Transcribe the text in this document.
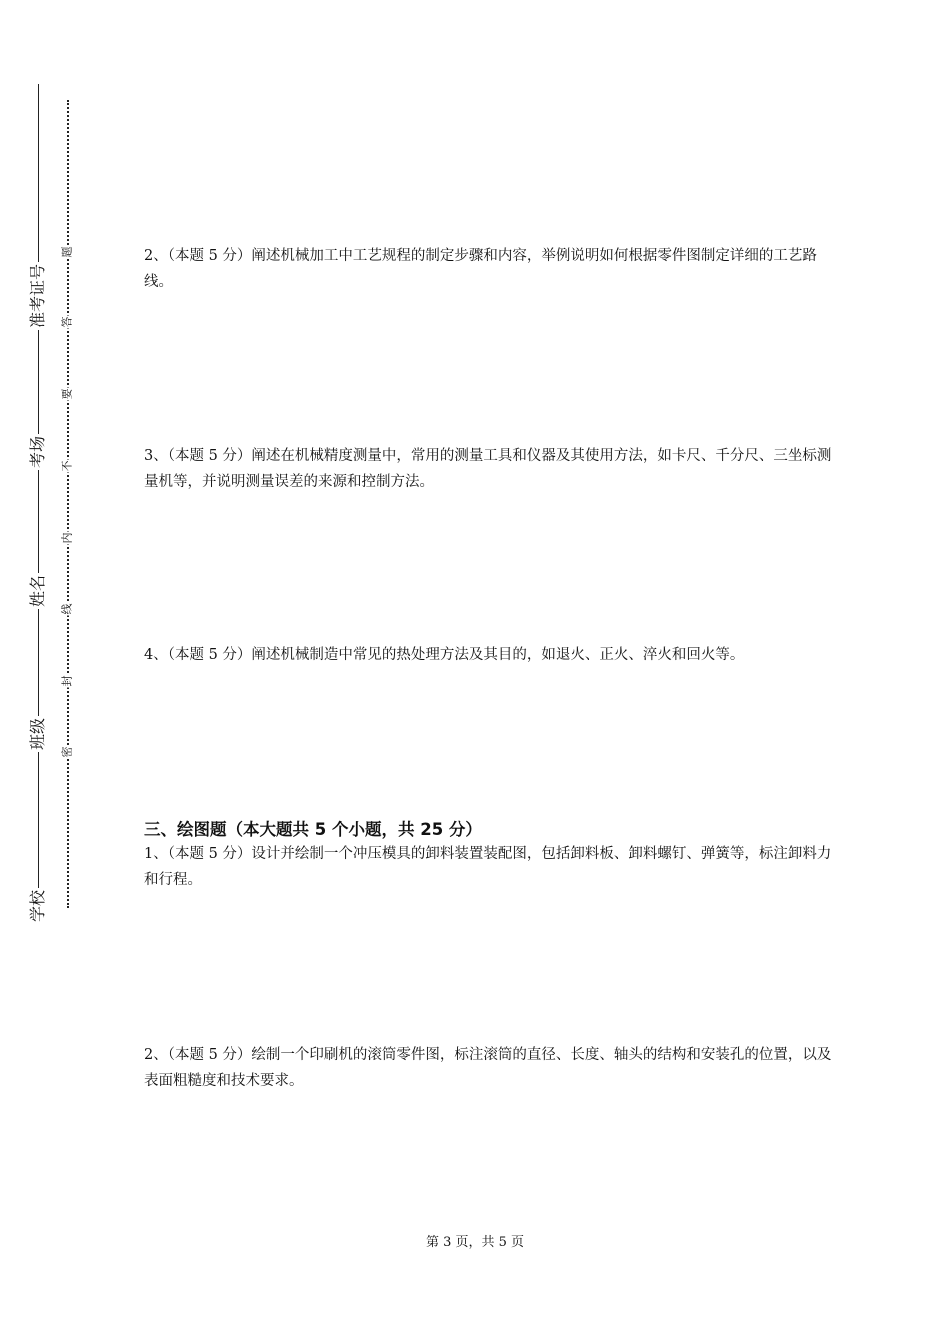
准考证号
考场
姓名
班级
学校
题
答
要
不
内
线
封
密
2、（本题 5 分）阐述机械加工中工艺规程的制定步骤和内容，举例说明如何根据零件图制定详细的工艺路线。
3、（本题 5 分）阐述在机械精度测量中，常用的测量工具和仪器及其使用方法，如卡尺、千分尺、三坐标测量机等，并说明测量误差的来源和控制方法。
4、（本题 5 分）阐述机械制造中常见的热处理方法及其目的，如退火、正火、淬火和回火等。
三、绘图题（本大题共 5 个小题，共 25 分）
1、（本题 5 分）设计并绘制一个冲压模具的卸料装置装配图，包括卸料板、卸料螺钉、弹簧等，标注卸料力和行程。
2、（本题 5 分）绘制一个印刷机的滚筒零件图，标注滚筒的直径、长度、轴头的结构和安装孔的位置，以及表面粗糙度和技术要求。
第 3 页，共 5 页
